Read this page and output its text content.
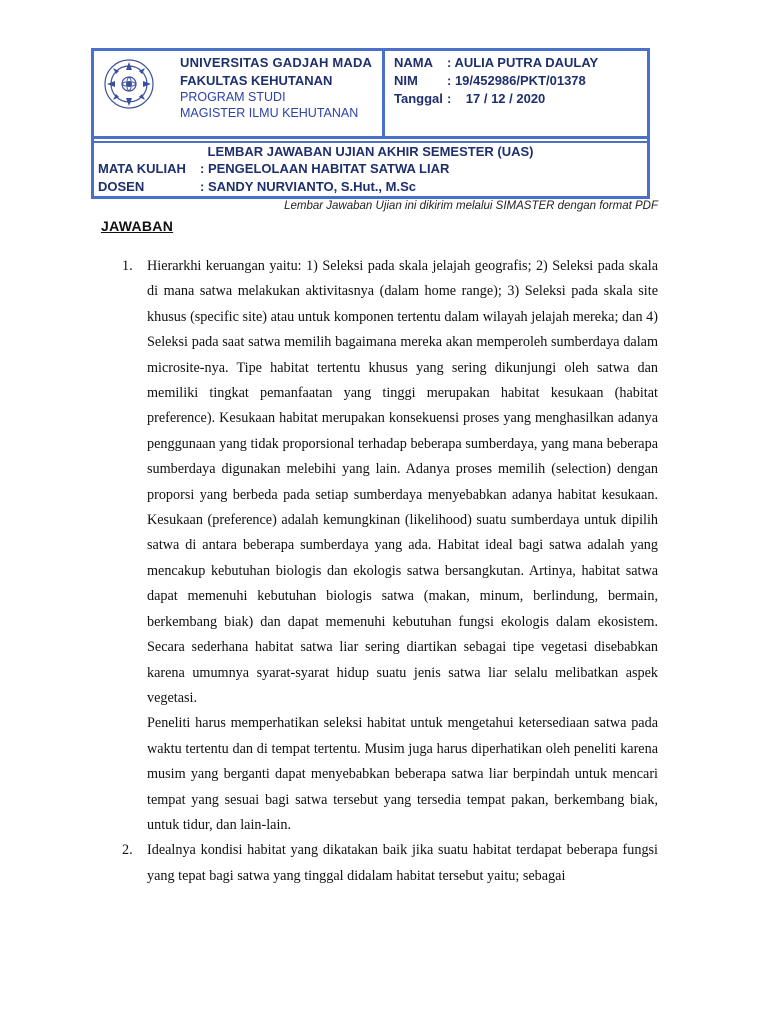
UNIVERSITAS GADJAH MADA
FAKULTAS KEHUTANAN
PROGRAM STUDI
MAGISTER ILMU KEHUTANAN
NAMA : AULIA PUTRA DAULAY
NIM : 19/452986/PKT/01378
Tanggal :    17 / 12 / 2020
LEMBAR JAWABAN UJIAN AKHIR SEMESTER (UAS)
MATA KULIAH : PENGELOLAAN HABITAT SATWA LIAR
DOSEN	: SANDY NURVIANTO, S.Hut., M.Sc
Lembar Jawaban Ujian ini dikirim melalui SIMASTER dengan format PDF
JAWABAN
1. Hierarkhi keruangan yaitu: 1) Seleksi pada skala jelajah geografis; 2) Seleksi pada skala di mana satwa melakukan aktivitasnya (dalam home range); 3) Seleksi pada skala site khusus (specific site) atau untuk komponen tertentu dalam wilayah jelajah mereka; dan 4) Seleksi pada saat satwa memilih bagaimana mereka akan memperoleh sumberdaya dalam microsite-nya. Tipe habitat tertentu khusus yang sering dikunjungi oleh satwa dan memiliki tingkat pemanfaatan yang tinggi merupakan habitat kesukaan (habitat preference). Kesukaan habitat merupakan konsekuensi proses yang menghasilkan adanya penggunaan yang tidak proporsional terhadap beberapa sumberdaya, yang mana beberapa sumberdaya digunakan melebihi yang lain. Adanya proses memilih (selection) dengan proporsi yang berbeda pada setiap sumberdaya menyebabkan adanya habitat kesukaan. Kesukaan (preference) adalah kemungkinan (likelihood) suatu sumberdaya untuk dipilih satwa di antara beberapa sumberdaya yang ada. Habitat ideal bagi satwa adalah yang mencakup kebutuhan biologis dan ekologis satwa bersangkutan. Artinya, habitat satwa dapat memenuhi kebutuhan biologis satwa (makan, minum, berlindung, bermain, berkembang biak) dan dapat memenuhi kebutuhan fungsi ekologis dalam ekosistem. Secara sederhana habitat satwa liar sering diartikan sebagai tipe vegetasi disebabkan karena umumnya syarat-syarat hidup suatu jenis satwa liar selalu melibatkan aspek vegetasi.

Peneliti harus memperhatikan seleksi habitat untuk mengetahui ketersediaan satwa pada waktu tertentu dan di tempat tertentu. Musim juga harus diperhatikan oleh peneliti karena musim yang berganti dapat menyebabkan beberapa satwa liar berpindah untuk mencari tempat yang sesuai bagi satwa tersebut yang tersedia tempat pakan, berkembang biak, untuk tidur, dan lain-lain.

2. Idealnya kondisi habitat yang dikatakan baik jika suatu habitat terdapat beberapa fungsi yang tepat bagi satwa yang tinggal didalam habitat tersebut yaitu; sebagai
